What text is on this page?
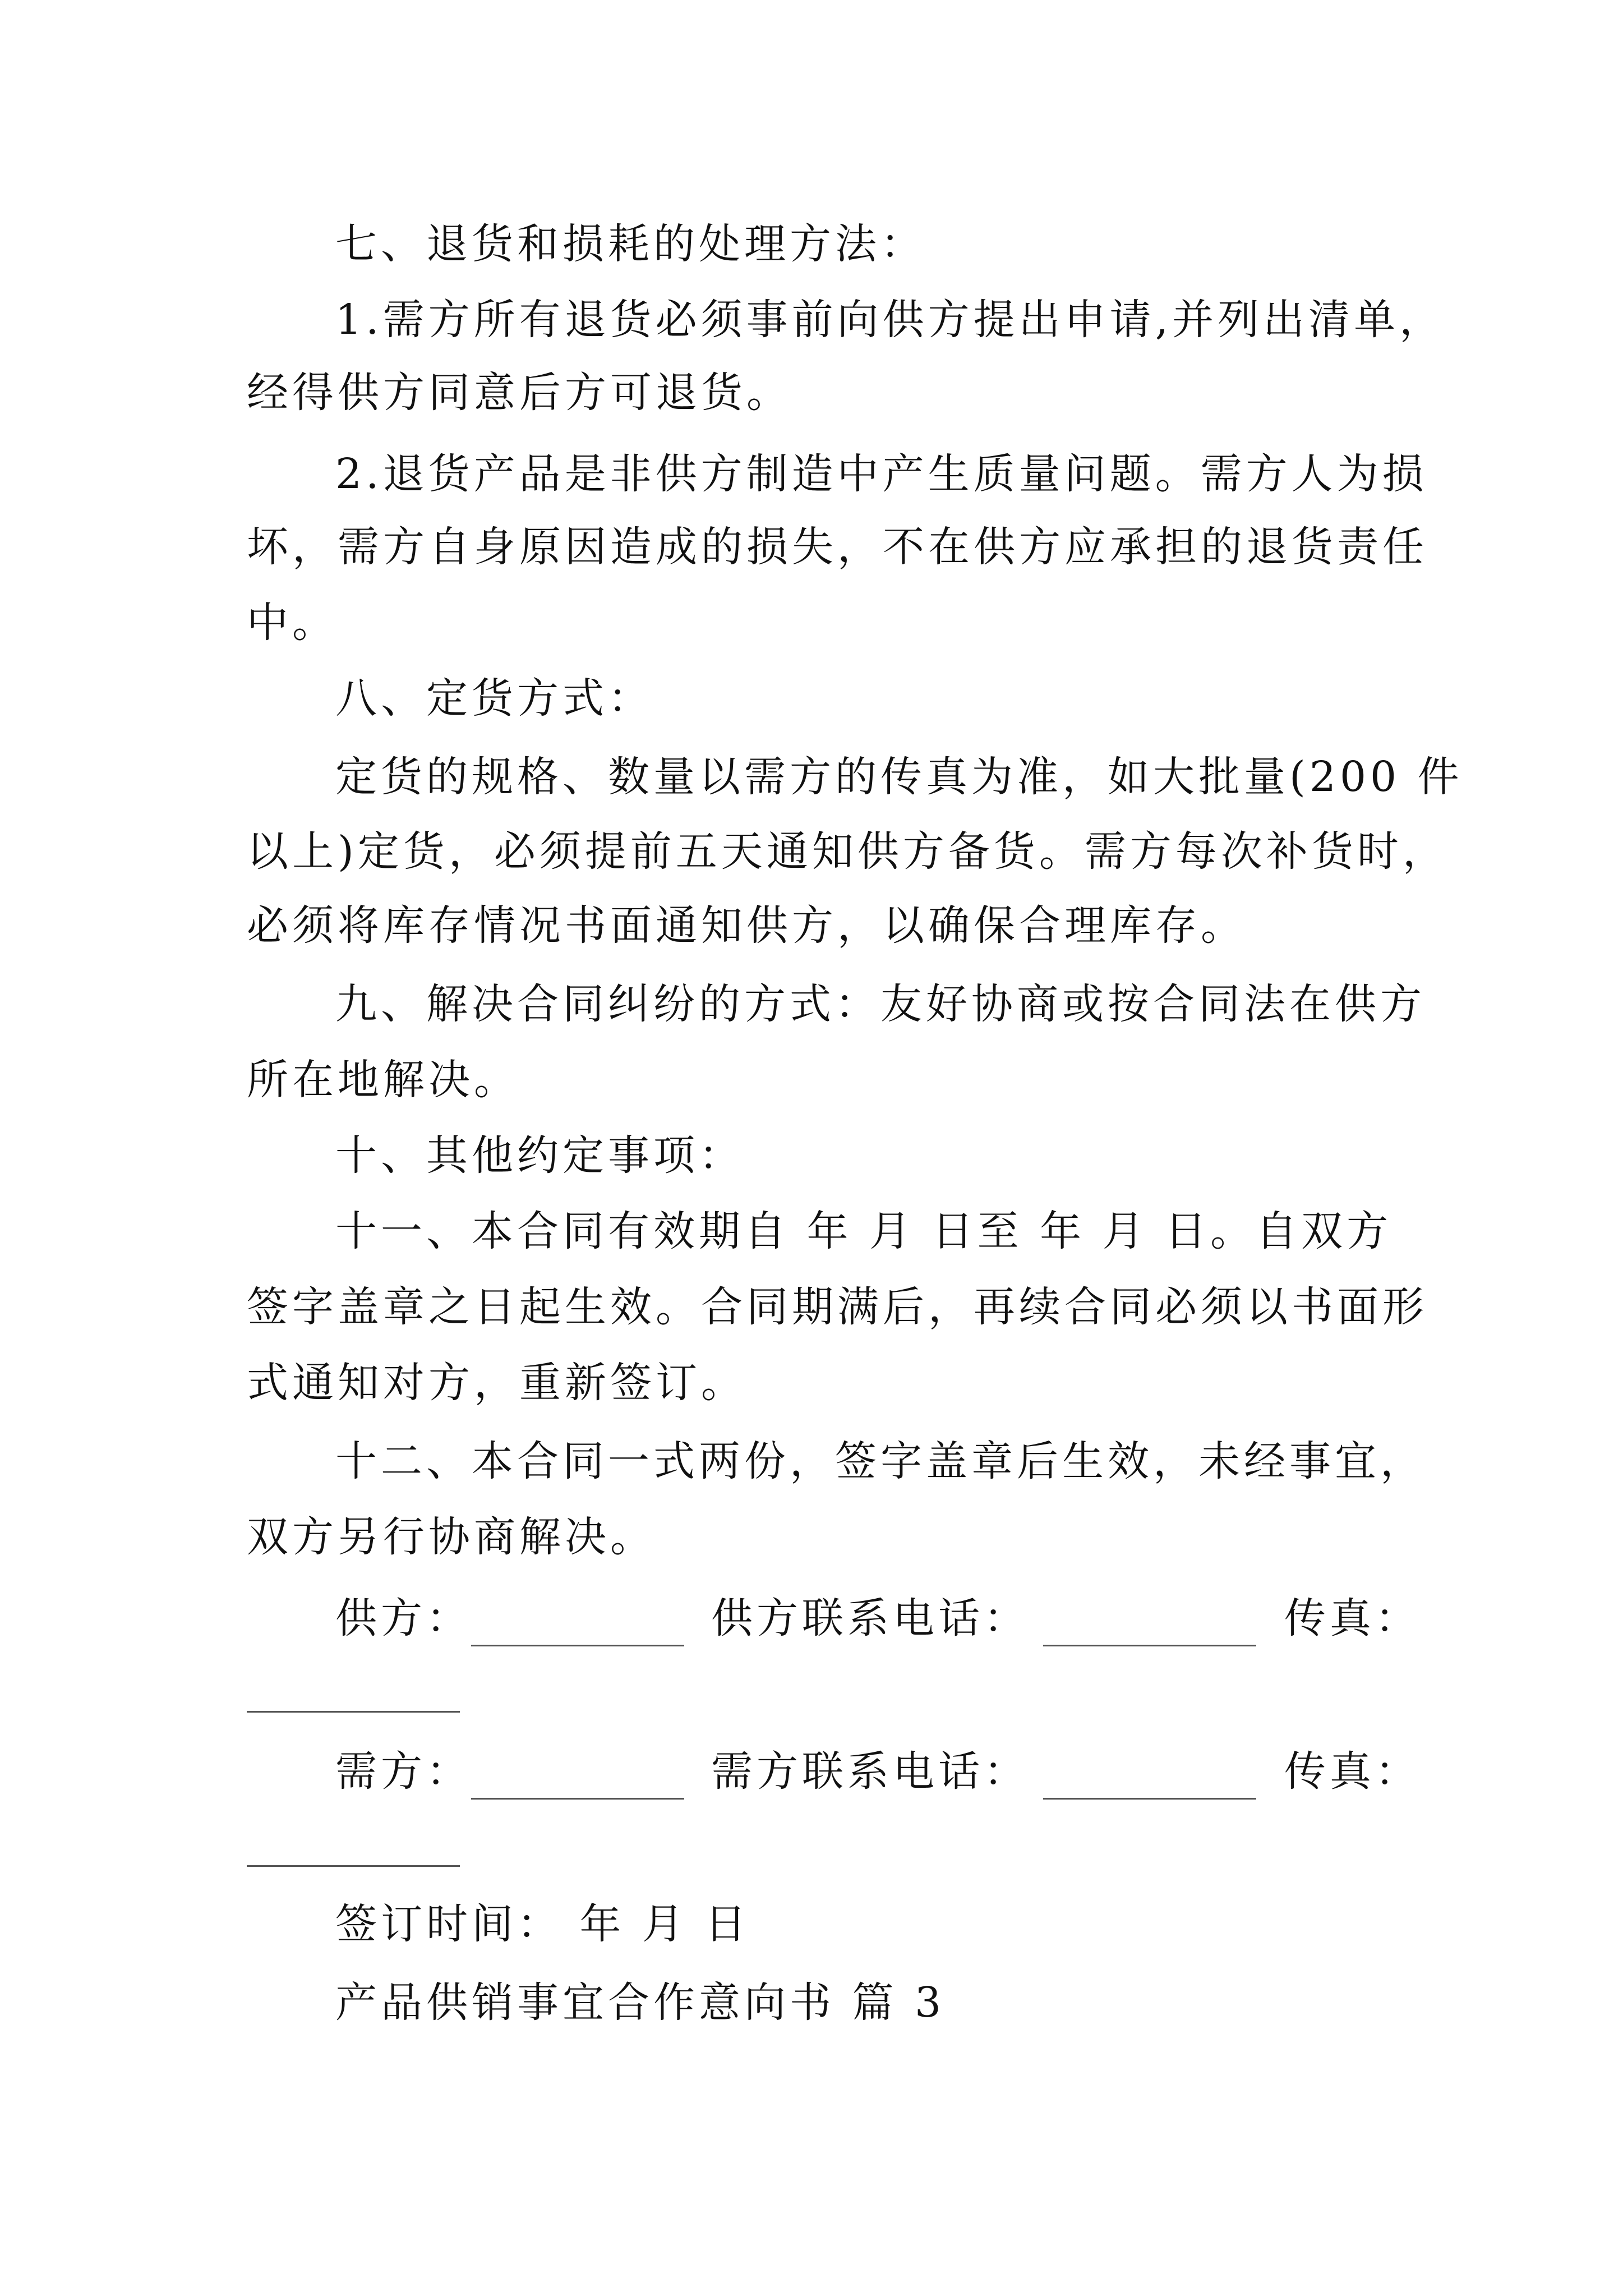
七、退货和损耗的处理方法：
1.需方所有退货必须事前向供方提出申请,并列出清单，
经得供方同意后方可退货。
2.退货产品是非供方制造中产生质量问题。需方人为损
坏，需方自身原因造成的损失，不在供方应承担的退货责任
中。
八、定货方式：
定货的规格、数量以需方的传真为准，如大批量(200 件
以上)定货，必须提前五天通知供方备货。需方每次补货时，
必须将库存情况书面通知供方，以确保合理库存。
九、解决合同纠纷的方式：友好协商或按合同法在供方
所在地解决。
十、其他约定事项：
十一、本合同有效期自 年 月 日至 年 月 日。自双方
签字盖章之日起生效。合同期满后，再续合同必须以书面形
式通知对方，重新签订。
十二、本合同一式两份，签字盖章后生效，未经事宜，
双方另行协商解决。
供方：	供方联系电话：	传真：
需方：	需方联系电话：	传真：
签订时间： 年 月 日
产品供销事宜合作意向书 篇 3
